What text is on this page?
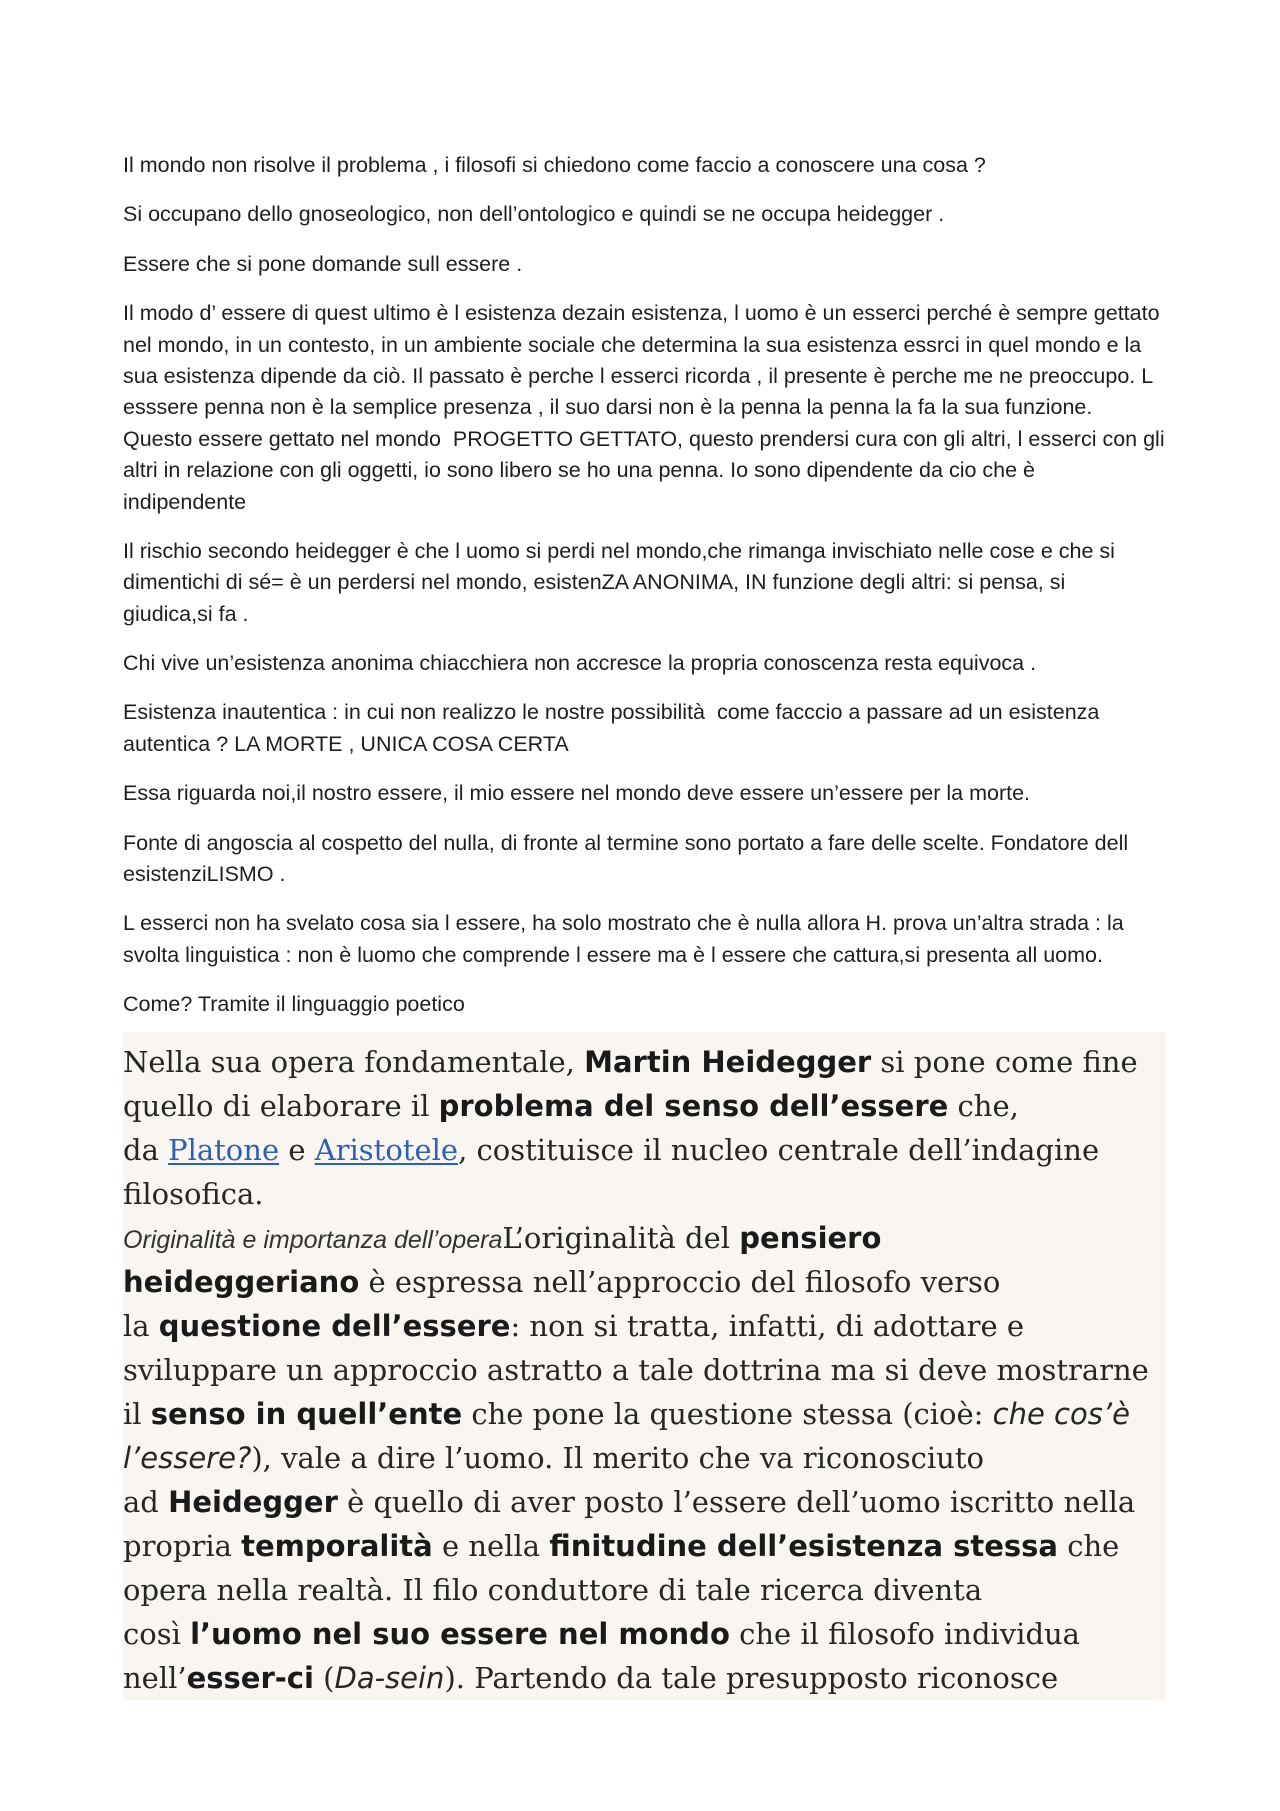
Il mondo non risolve il problema , i filosofi si chiedono come faccio a conoscere una cosa ?

Si occupano dello gnoseologico, non dell’ontologico e quindi se ne occupa heidegger .

Essere che si pone domande sull essere .

Il modo d’ essere di quest ultimo è l esistenza dezain esistenza, l uomo è un esserci perché è sempre gettato
nel mondo, in un contesto, in un ambiente sociale che determina la sua esistenza essrci in quel mondo e la
sua esistenza dipende da ciò. Il passato è perche l esserci ricorda , il presente è perche me ne preoccupo. L
esssere penna non è la semplice presenza , il suo darsi non è la penna la penna la fa la sua funzione.
Questo essere gettato nel mondo  PROGETTO GETTATO, questo prendersi cura con gli altri, l esserci con gli
altri in relazione con gli oggetti, io sono libero se ho una penna. Io sono dipendente da cio che è
indipendente

Il rischio secondo heidegger è che l uomo si perdi nel mondo,che rimanga invischiato nelle cose e che si
dimentichi di sé= è un perdersi nel mondo, esistenZA ANONIMA, IN funzione degli altri: si pensa, si
giudica,si fa .

Chi vive un’esistenza anonima chiacchiera non accresce la propria conoscenza resta equivoca .

Esistenza inautentica : in cui non realizzo le nostre possibilità  come facccio a passare ad un esistenza
autentica ? LA MORTE , UNICA COSA CERTA

Essa riguarda noi,il nostro essere, il mio essere nel mondo deve essere un’essere per la morte.

Fonte di angoscia al cospetto del nulla, di fronte al termine sono portato a fare delle scelte. Fondatore dell
esistenziLISMO .

L esserci non ha svelato cosa sia l essere, ha solo mostrato che è nulla allora H. prova un’altra strada : la
svolta linguistica : non è luomo che comprende l essere ma è l essere che cattura,si presenta all uomo.

Come? Tramite il linguaggio poetico

Nella sua opera fondamentale, Martin Heidegger si pone come fine
quello di elaborare il problema del senso dell’essere che,
da Platone e Aristotele, costituisce il nucleo centrale dell’indagine
filosofica.
Originalità e importanza dell’operaL’originalità del pensiero
heideggeriano è espressa nell’approccio del filosofo verso
la questione dell’essere: non si tratta, infatti, di adottare e
sviluppare un approccio astratto a tale dottrina ma si deve mostrarne
il senso in quell’ente che pone la questione stessa (cioè: che cos’è
l’essere?), vale a dire l’uomo. Il merito che va riconosciuto
ad Heidegger è quello di aver posto l’essere dell’uomo iscritto nella
propria temporalità e nella finitudine dell’esistenza stessa che
opera nella realtà. Il filo conduttore di tale ricerca diventa
così l’uomo nel suo essere nel mondo che il filosofo individua
nell’esser-ci (Da-sein). Partendo da tale presupposto riconosce
